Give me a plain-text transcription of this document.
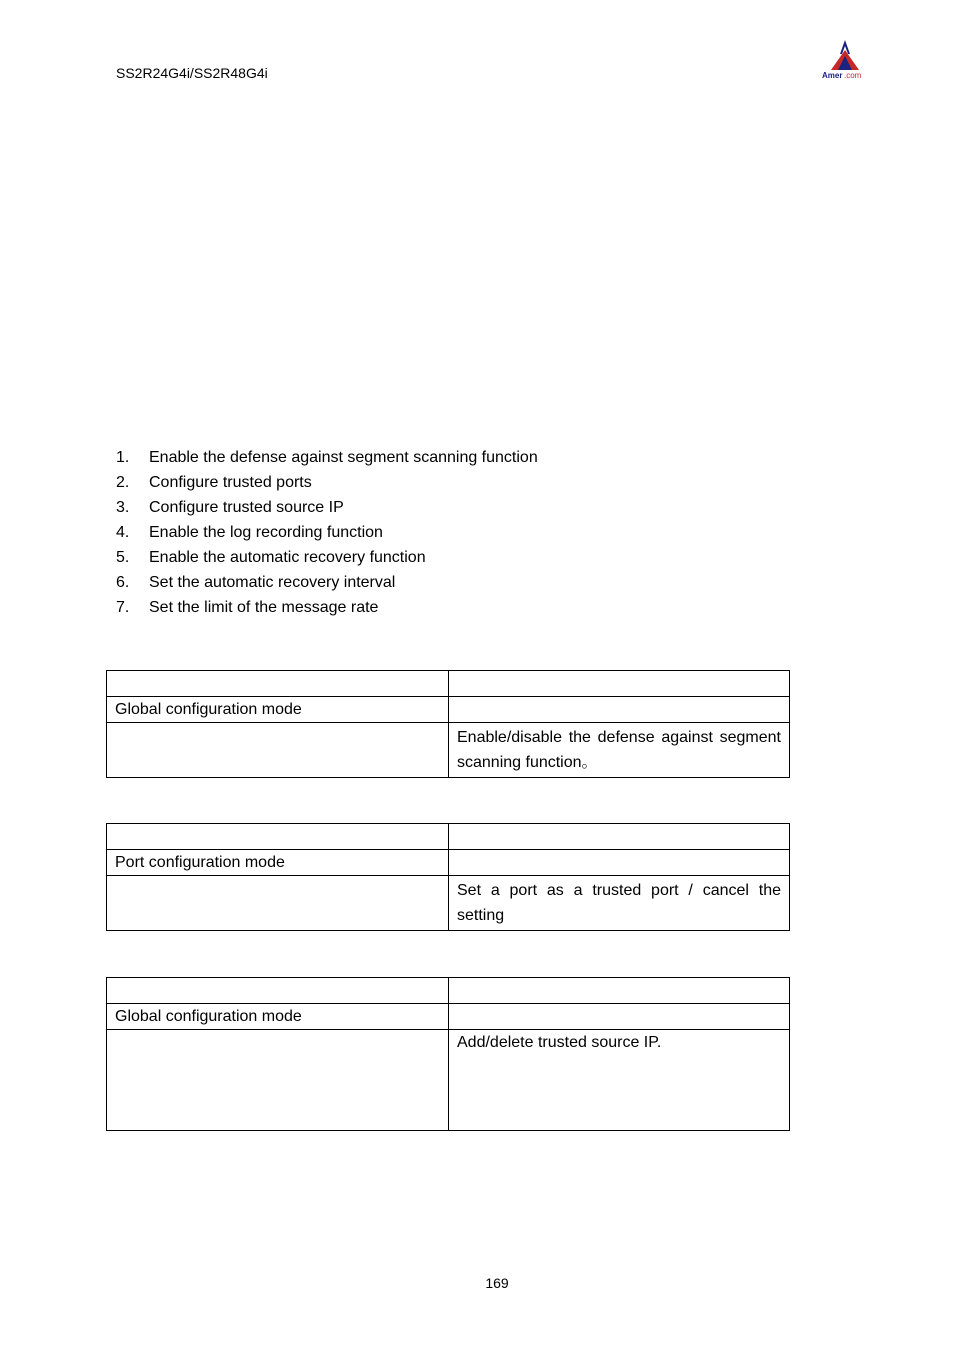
SS2R24G4i/SS2R48G4i	Amer .com
1.	Enable the defense against segment scanning function
2.	Configure trusted ports
3.	Configure trusted source IP
4.	Enable the log recording function
5.	Enable the automatic recovery function
6.	Set the automatic recovery interval
7.	Set the limit of the message rate

Global configuration mode	
	Enable/disable the defense against segment scanning function。

Port configuration mode	
	Set a port as a trusted port / cancel the setting

Global configuration mode	
	Add/delete trusted source IP.
169
